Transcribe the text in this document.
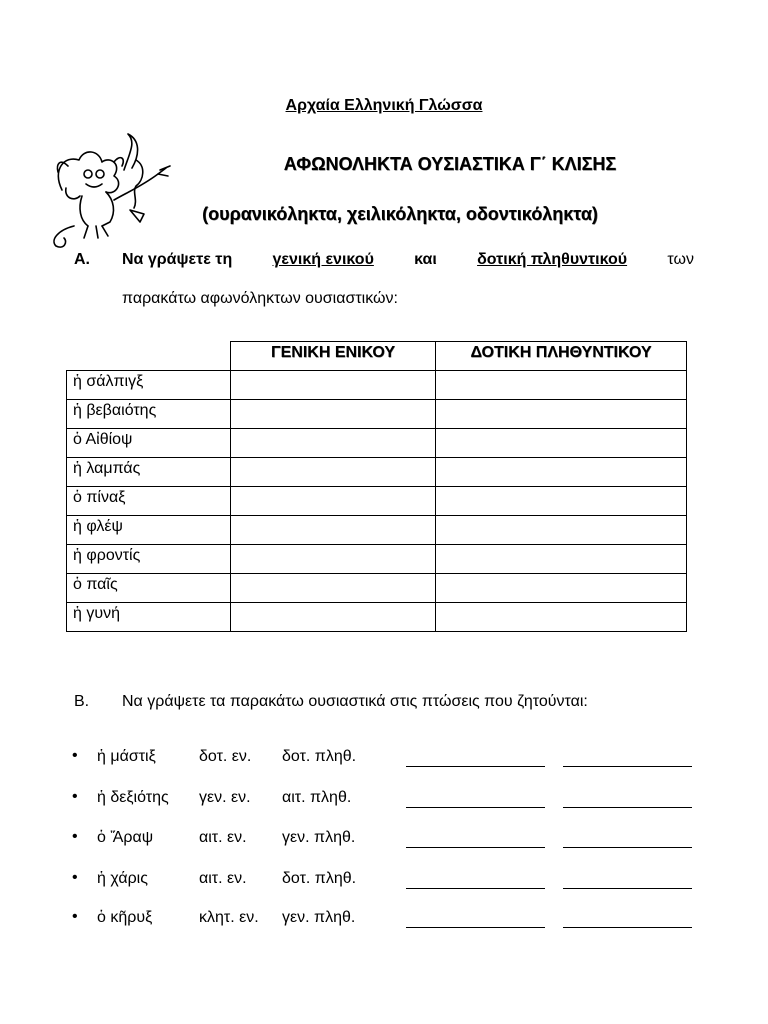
Αρχαία Ελληνική Γλώσσα
ΑΦΩΝΟΛΗΚΤΑ ΟΥΣΙΑΣΤΙΚΑ Γ΄ ΚΛΙΣΗΣ
(ουρανικόληκτα, χειλικόληκτα, οδοντικόληκτα)
Α. Να γράψετε τη	γενική ενικού	και	δοτική πληθυντικού	των
παρακάτω αφωνόληκτων ουσιαστικών:
	ΓΕΝΙΚΗ ΕΝΙΚΟΥ	ΔΟΤΙΚΗ ΠΛΗΘΥΝΤΙΚΟΥ
ἡ σάλπιγξ		
ἡ βεβαιότης		
ὁ Αἰθίοψ		
ἡ λαμπάς		
ὁ πίναξ		
ἡ φλέψ		
ἡ φροντίς		
ὁ παῖς		
ἡ γυνή		
Β. Να γράψετε τα παρακάτω ουσιαστικά στις πτώσεις που ζητούνται:
• ἡ μάστιξ	δοτ. εν. δοτ. πληθ.
• ἡ δεξιότης γεν. εν. αιτ. πληθ.
• ὁ Ἄραψ	αιτ. εν. γεν. πληθ.
• ἡ χάρις	αιτ. εν. δοτ. πληθ.
• ὁ κῆρυξ	κλητ. εν. γεν. πληθ.
